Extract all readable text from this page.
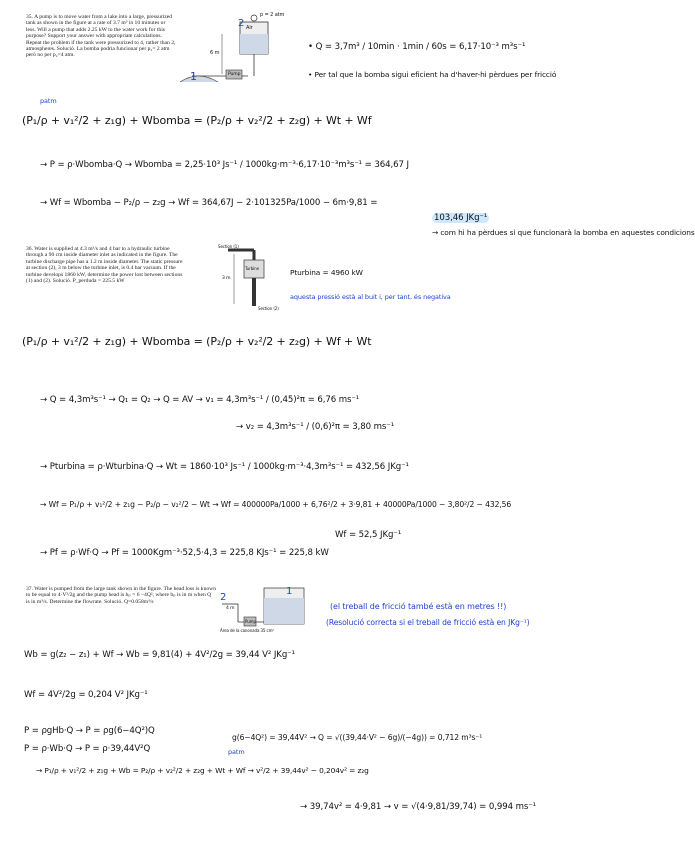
35. A pump is to move water from a lake into a large, pressurized tank as shown in the figure at a rate of 3.7 m³ in 10 minutes or less. Will a pump that adds 2.25 kW to the water work for this purpose? Support your answer with appropriate calculations. Repeat the problem if the tank were pressurized to 4, rather than 2, atmospheres. Solució. La bomba podria funcionar per p₂= 2 atm però no per p₂=4 atm.
1
2
p = 2 atm
Air
6 m
Pump
• Q = 3,7m³ / 10min · 1min / 60s = 6,17·10⁻³ m³s⁻¹
• Per tal que la bomba sigui eficient ha d'haver-hi pèrdues per fricció
patm
(P₁/ρ + v₁²/2 + z₁g) + Wbomba = (P₂/ρ + v₂²/2 + z₂g) + Wt + Wf
→ P = ρ·Wbomba·Q → Wbomba = 2,25·10³ Js⁻¹ / 1000kg·m⁻³·6,17·10⁻³m³s⁻¹ = 364,67 J
→ Wf = Wbomba − P₂/ρ − z₂g → Wf = 364,67J − 2·101325Pa/1000 − 6m·9,81 =
103,46 JKg⁻¹
→ com hi ha pèrdues si que funcionarà la bomba en aquestes condicions
36. Water is supplied at 4.3 m³/s and 4 bar to a hydraulic turbine through a 90 cm inside diameter inlet as indicated in the figure. The turbine discharge pipe has a 1.2 m inside diameter. The static pressure at section (2), 3 m below the turbine inlet, is 0.4 bar vacuum. If the turbine develops 1860 kW, determine the power lost between sections (1) and (2). Solució. P_perduda = 225.5 kW
Section (1)
Turbine
3 m
Section (2)
Pturbina = 4960 kW
aquesta pressió està al buit i, per tant, és negativa
(P₁/ρ + v₁²/2 + z₁g) + Wbomba = (P₂/ρ + v₂²/2 + z₂g) + Wf + Wt
→ Q = 4,3m³s⁻¹ → Q₁ = Q₂ → Q = AV → v₁ = 4,3m³s⁻¹ / (0,45)²π = 6,76 ms⁻¹
→ v₂ = 4,3m³s⁻¹ / (0,6)²π = 3,80 ms⁻¹
→ Pturbina = ρ·Wturbina·Q → Wt = 1860·10³ Js⁻¹ / 1000kg·m⁻³·4,3m³s⁻¹ = 432,56 JKg⁻¹
→ Wf = P₁/ρ + v₁²/2 + z₁g − P₂/ρ − v₂²/2 − Wt → Wf = 400000Pa/1000 + 6,76²/2 + 3·9,81 + 40000Pa/1000 − 3,80²/2 − 432,56
Wf = 52,5 JKg⁻¹
→ Pf = ρ·Wf·Q → Pf = 1000Kgm⁻³·52,5·4,3 = 225,8 KJs⁻¹ = 225,8 kW
37. Water is pumped from the large tank shown in the figure. The head loss is known to be equal to 4·V²/2g and the pump head is hₚ = 6 −4Q², where hₚ is in m when Q is in m³/s. Determine the flowrate. Solució. Q=0.058m³/s
1
2
4 m
Pump
Àrea de la canonada 35 cm²
(el treball de fricció també està en metres !!)
(Resolució correcta si el treball de fricció està en JKg⁻¹)
Wb = g(z₂ − z₁) + Wf → Wb = 9,81(4) + 4V²/2g = 39,44 V² JKg⁻¹
Wf = 4V²/2g = 0,204 V² JKg⁻¹
P = ρgHb·Q → P = ρg(6−4Q²)Q
P = ρ·Wb·Q → P = ρ·39,44V²Q
g(6−4Q²) = 39,44V² → Q = √((39,44·V² − 6g)/(−4g)) = 0,712 m³s⁻¹
patm
→ P₁/ρ + v₁²/2 + z₁g + Wb = P₂/ρ + v₂²/2 + z₂g + Wt + Wf → v²/2 + 39,44v² − 0,204v² = z₂g
→ 39,74v² = 4·9,81 → v = √(4·9,81/39,74) = 0,994 ms⁻¹
